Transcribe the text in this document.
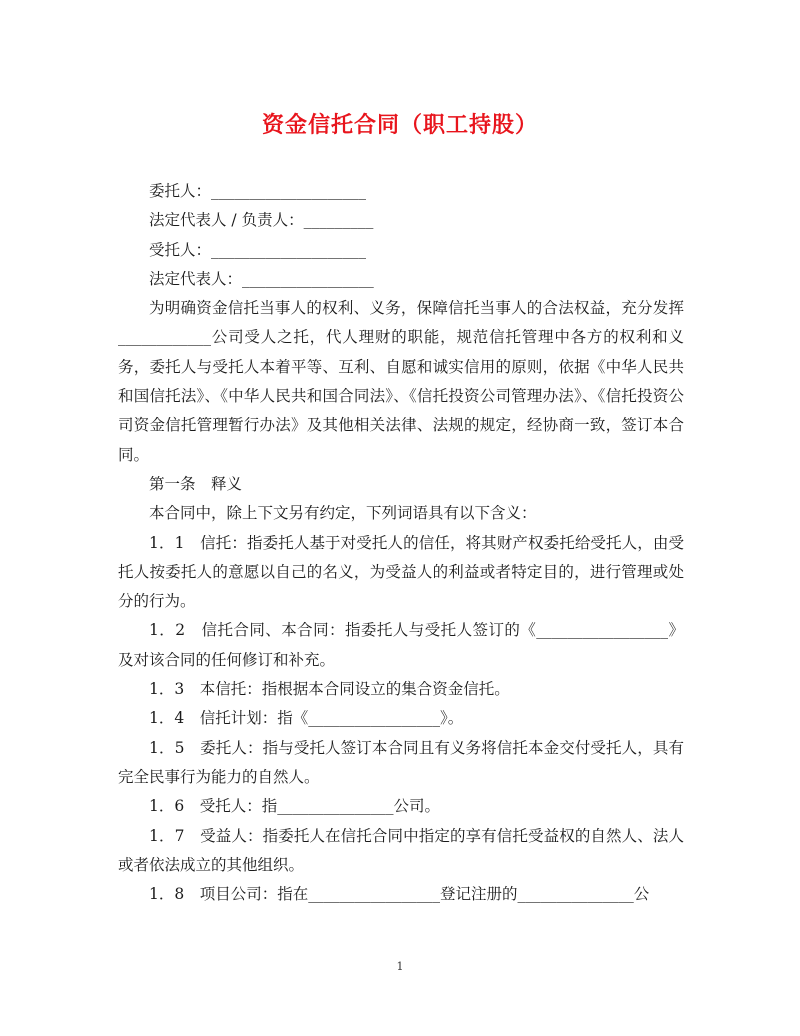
资金信托合同（职工持股）
委托人：____________________
法定代表人 / 负责人：_________
受托人：____________________
法定代表人：_________________

为明确资金信托当事人的权利、义务，保障信托当事人的合法权益，充分发挥____________公司受人之托，代人理财的职能，规范信托管理中各方的权利和义务，委托人与受托人本着平等、互利、自愿和诚实信用的原则，依据《中华人民共和国信托法》、《中华人民共和国合同法》、《信托投资公司管理办法》、《信托投资公司资金信托管理暂行办法》及其他相关法律、法规的规定，经协商一致，签订本合同。

第一条　释义

本合同中，除上下文另有约定，下列词语具有以下含义：

1．1　信托：指委托人基于对受托人的信任，将其财产权委托给受托人，由受托人按委托人的意愿以自己的名义，为受益人的利益或者特定目的，进行管理或处分的行为。

1．2　信托合同、本合同：指委托人与受托人签订的《_________________》及对该合同的任何修订和补充。

1．3　本信托：指根据本合同设立的集合资金信托。

1．4　信托计划：指《_________________》。

1．5　委托人：指与受托人签订本合同且有义务将信托本金交付受托人，具有完全民事行为能力的自然人。

1．6　受托人：指_______________公司。

1．7　受益人：指委托人在信托合同中指定的享有信托受益权的自然人、法人或者依法成立的其他组织。

1．8　项目公司：指在_________________登记注册的_______________公

1
